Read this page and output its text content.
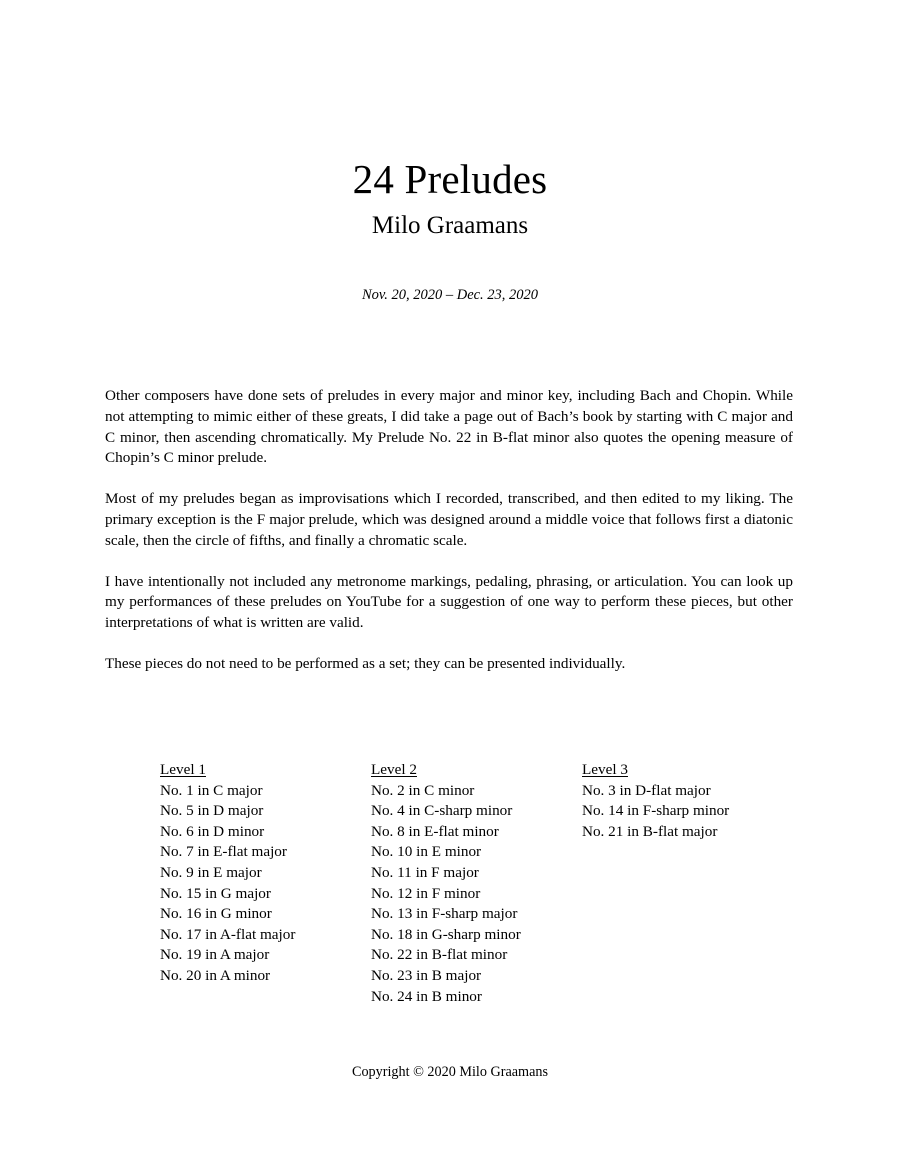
24 Preludes
Milo Graamans
Nov. 20, 2020 – Dec. 23, 2020

Other composers have done sets of preludes in every major and minor key, including Bach and Chopin. While not attempting to mimic either of these greats, I did take a page out of Bach’s book by starting with C major and C minor, then ascending chromatically. My Prelude No. 22 in B-flat minor also quotes the opening measure of Chopin’s C minor prelude.

Most of my preludes began as improvisations which I recorded, transcribed, and then edited to my liking. The primary exception is the F major prelude, which was designed around a middle voice that follows first a diatonic scale, then the circle of fifths, and finally a chromatic scale.

I have intentionally not included any metronome markings, pedaling, phrasing, or articulation. You can look up my performances of these preludes on YouTube for a suggestion of one way to perform these pieces, but other interpretations of what is written are valid.

These pieces do not need to be performed as a set; they can be presented individually.

Level 1
No. 1 in C major
No. 5 in D major
No. 6 in D minor
No. 7 in E-flat major
No. 9 in E major
No. 15 in G major
No. 16 in G minor
No. 17 in A-flat major
No. 19 in A major
No. 20 in A minor
Level 2
No. 2 in C minor
No. 4 in C-sharp minor
No. 8 in E-flat minor
No. 10 in E minor
No. 11 in F major
No. 12 in F minor
No. 13 in F-sharp major
No. 18 in G-sharp minor
No. 22 in B-flat minor
No. 23 in B major
No. 24 in B minor
Level 3
No. 3 in D-flat major
No. 14 in F-sharp minor
No. 21 in B-flat major
Copyright © 2020 Milo Graamans
